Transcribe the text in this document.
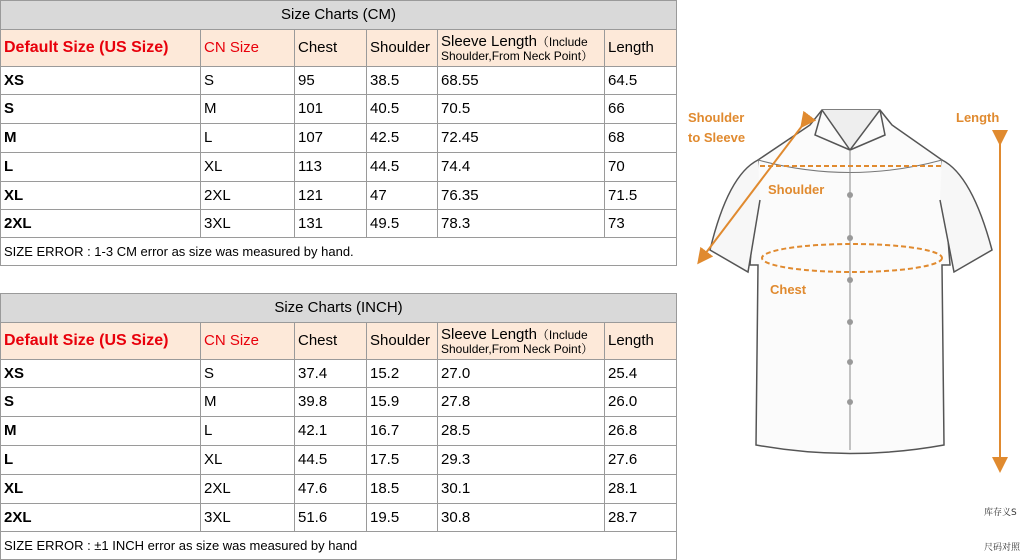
Size Charts (CM)					
Default Size (US Size)	CN Size	Chest	Shoulder	Sleeve Length（Include
Shoulder,From Neck Point）	Length
XS	S	95	38.5	68.55	64.5
S	M	101	40.5	70.5	66
M	L	107	42.5	72.45	68
L	XL	113	44.5	74.4	70
XL	2XL	121	47	76.35	71.5
2XL	3XL	131	49.5	78.3	73
SIZE ERROR : 1-3 CM error as size was measured by hand.					
Size Charts (INCH)					
Default Size (US Size)	CN Size	Chest	Shoulder	Sleeve Length（Include
Shoulder,From Neck Point）	Length
XS	S	37.4	15.2	27.0	25.4
S	M	39.8	15.9	27.8	26.0
M	L	42.1	16.7	28.5	26.8
L	XL	44.5	17.5	29.3	27.6
XL	2XL	47.6	18.5	30.1	28.1
2XL	3XL	51.6	19.5	30.8	28.7
SIZE ERROR : ±1 INCH error as size was measured by hand					
Shoulder
to Sleeve
Length
Shoulder
Chest
库存义S
尺码对照
